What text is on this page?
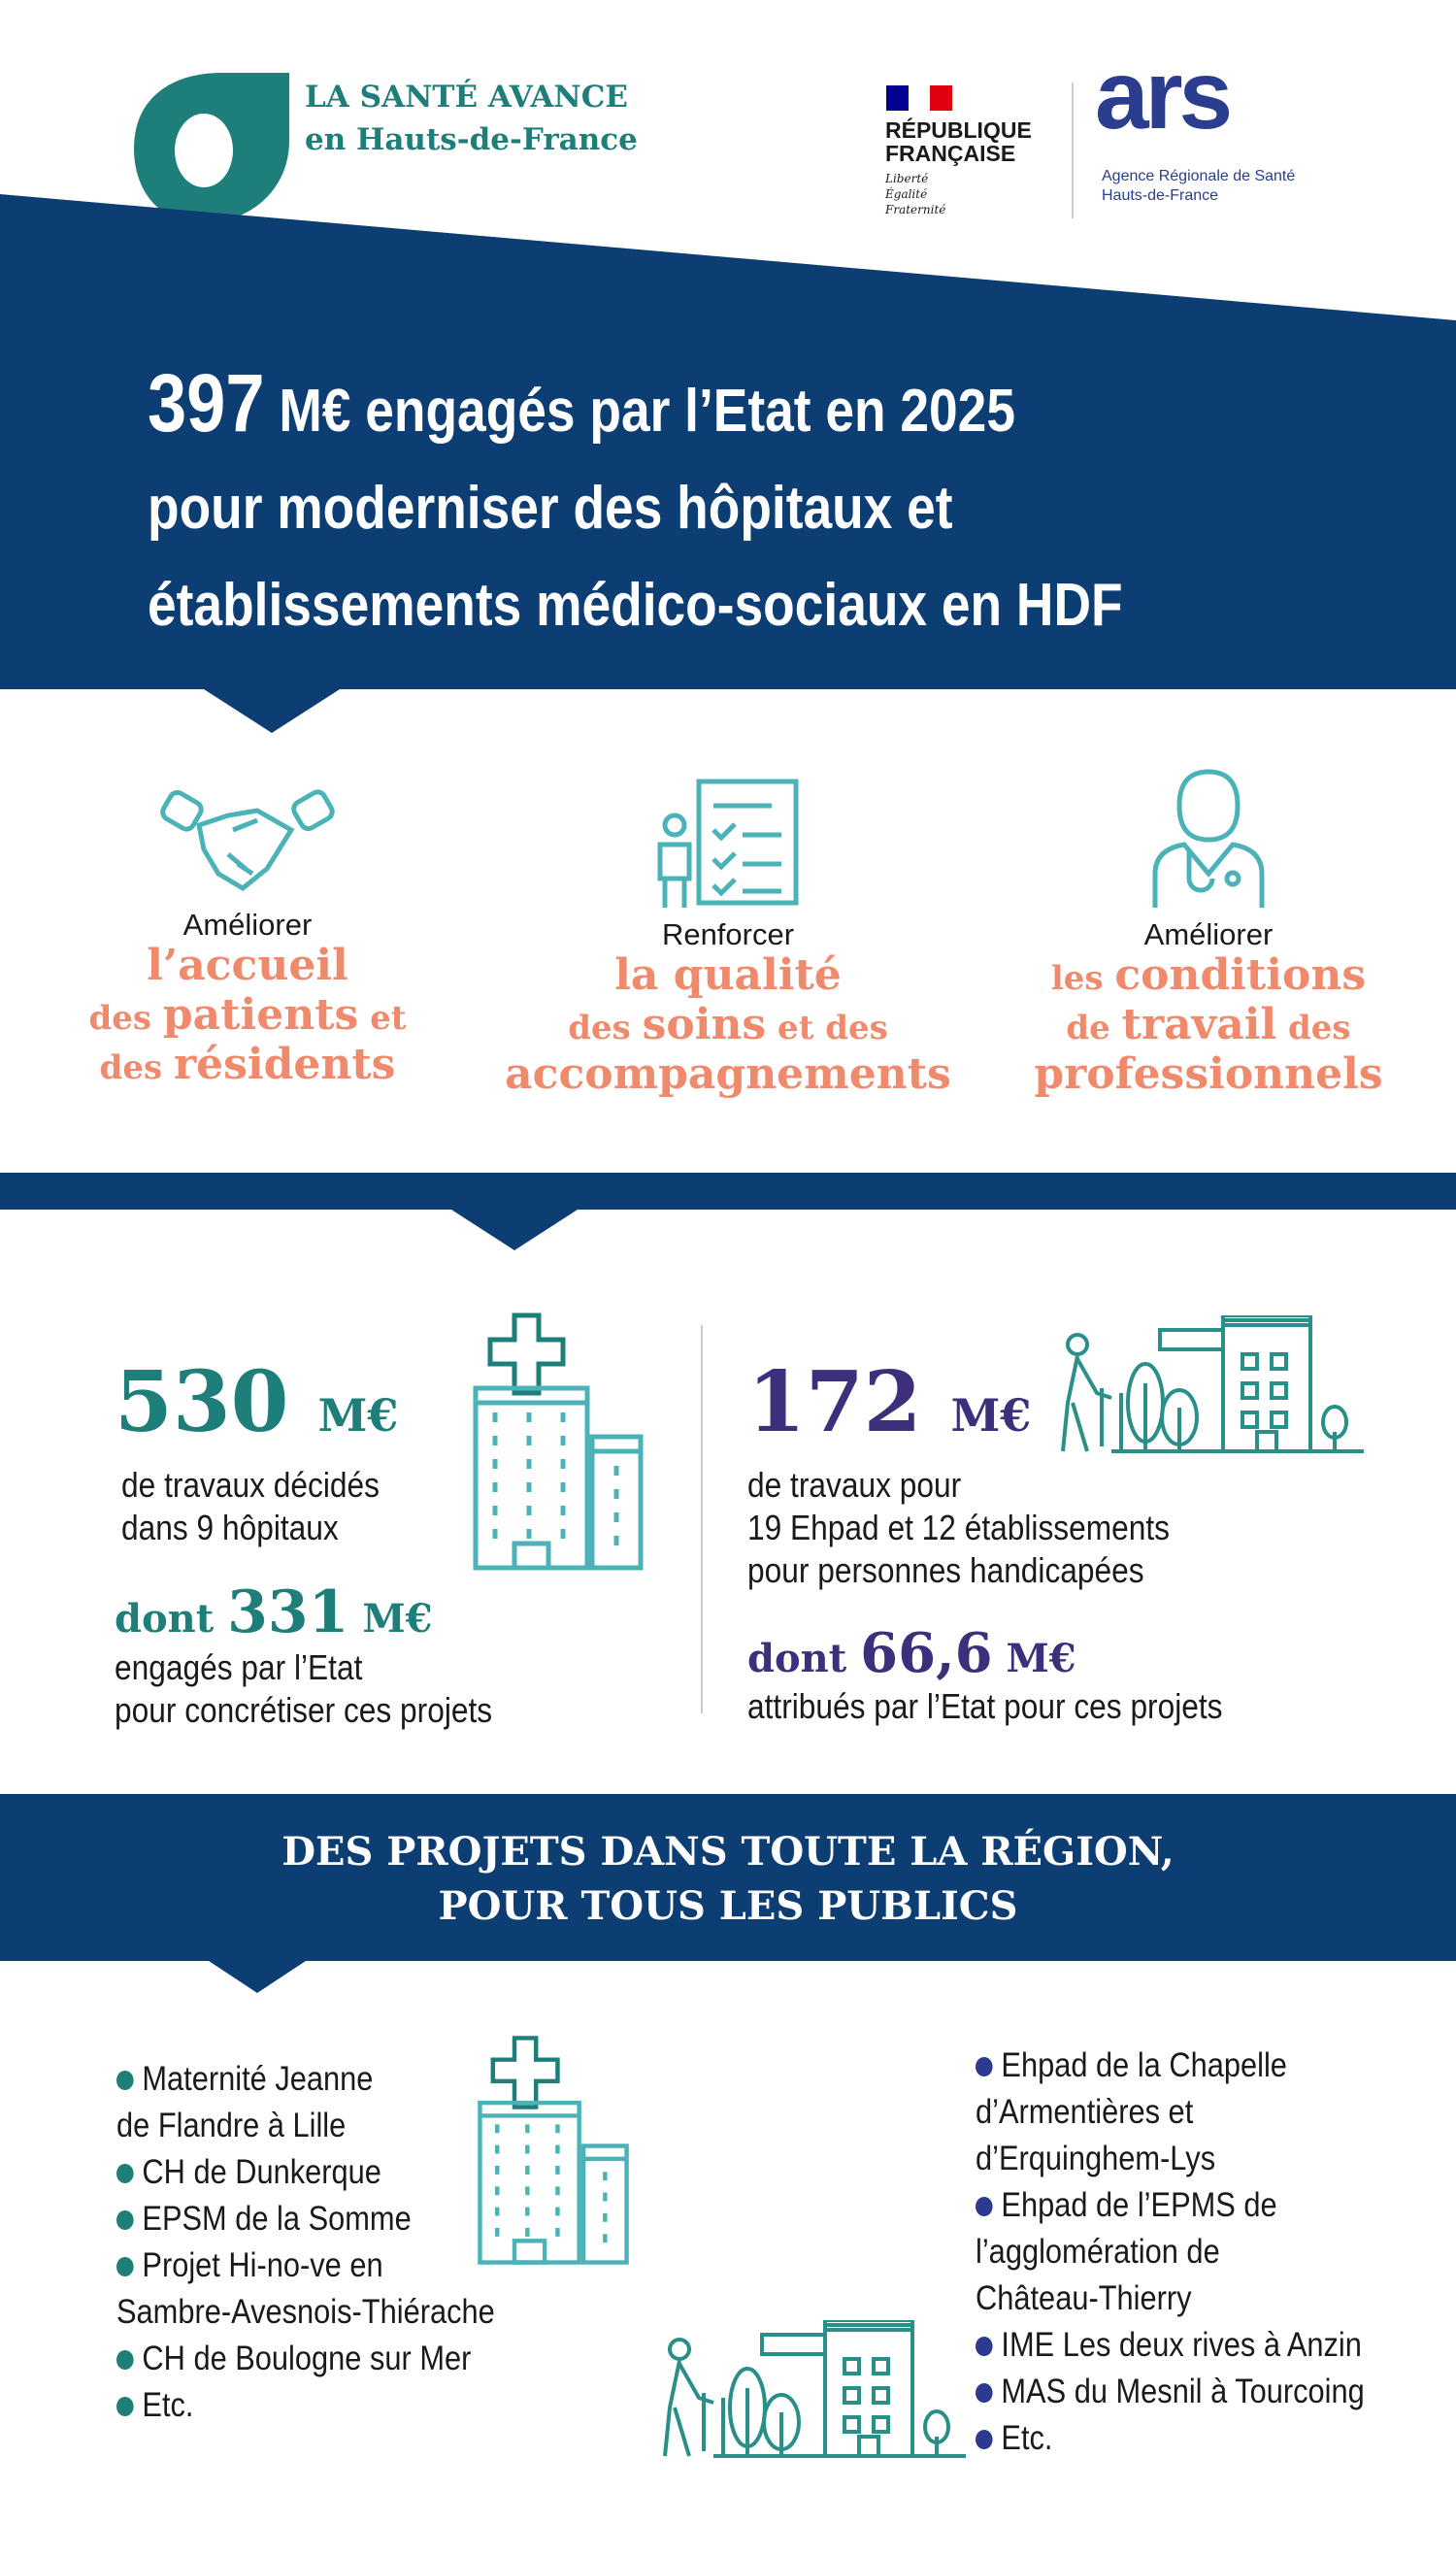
LA SANTÉ AVANCE
en Hauts-de-France	RÉPUBLIQUE
FRANÇAISE
Liberté
Égalité
Fraternité
ars
Agence Régionale de Santé
Hauts-de-France
397 M€ engagés par l’Etat en 2025
pour moderniser des hôpitaux et
établissements médico-sociaux en HDF
Améliorer
l’accueil
des patients et
des résidents
Renforcer
la qualité
des soins et des
accompagnements
Améliorer
les conditions
de travail des
professionnels
530 M€
de travaux décidés
dans 9 hôpitaux
dont 331 M€
engagés par l’Etat
pour concrétiser ces projets
172 M€
de travaux pour
19 Ehpad et 12 établissements
pour personnes handicapées
dont 66,6 M€
attribués par l’Etat pour ces projets
DES PROJETS DANS TOUTE LA RÉGION,
POUR TOUS LES PUBLICS
Maternité Jeanne
de Flandre à Lille
CH de Dunkerque
EPSM de la Somme
Projet Hi-no-ve en
Sambre-Avesnois-Thiérache
CH de Boulogne sur Mer
Etc.
Ehpad de la Chapelle
d’Armentières et
d’Erquinghem-Lys
Ehpad de l’EPMS de
l’agglomération de
Château-Thierry
IME Les deux rives à Anzin
MAS du Mesnil à Tourcoing
Etc.
